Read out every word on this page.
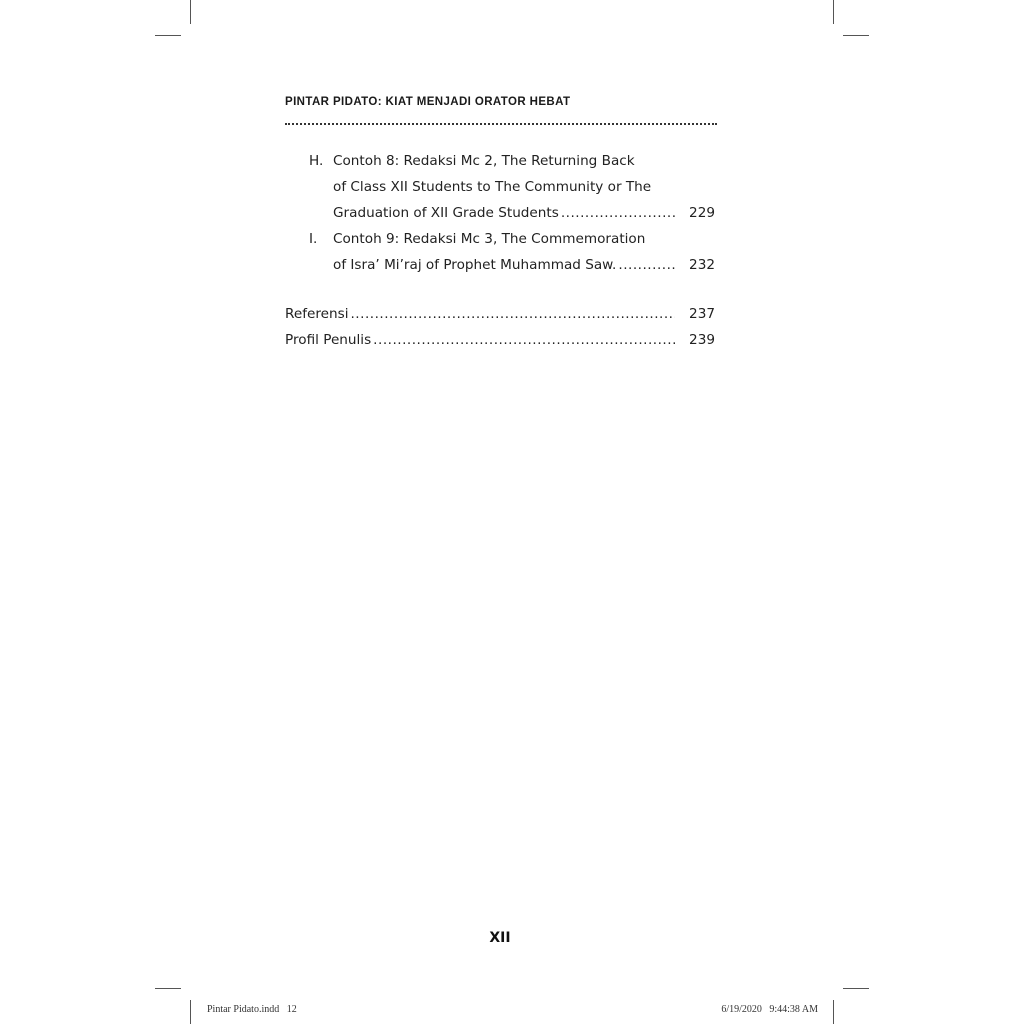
PINTAR PIDATO: KIAT MENJADI ORATOR HEBAT
H. Contoh 8: Redaksi Mc 2, The Returning Back
of Class XII Students to The Community or The
Graduation of XII Grade Students .....	229
I. Contoh 9: Redaksi Mc 3, The Commemoration
of Isra’ Mi’raj of Prophet Muhammad Saw. .....	232
Referensi .....	237
Profil Penulis .....	239
XII
Pintar Pidato.indd   12	6/19/2020   9:44:38 AM
